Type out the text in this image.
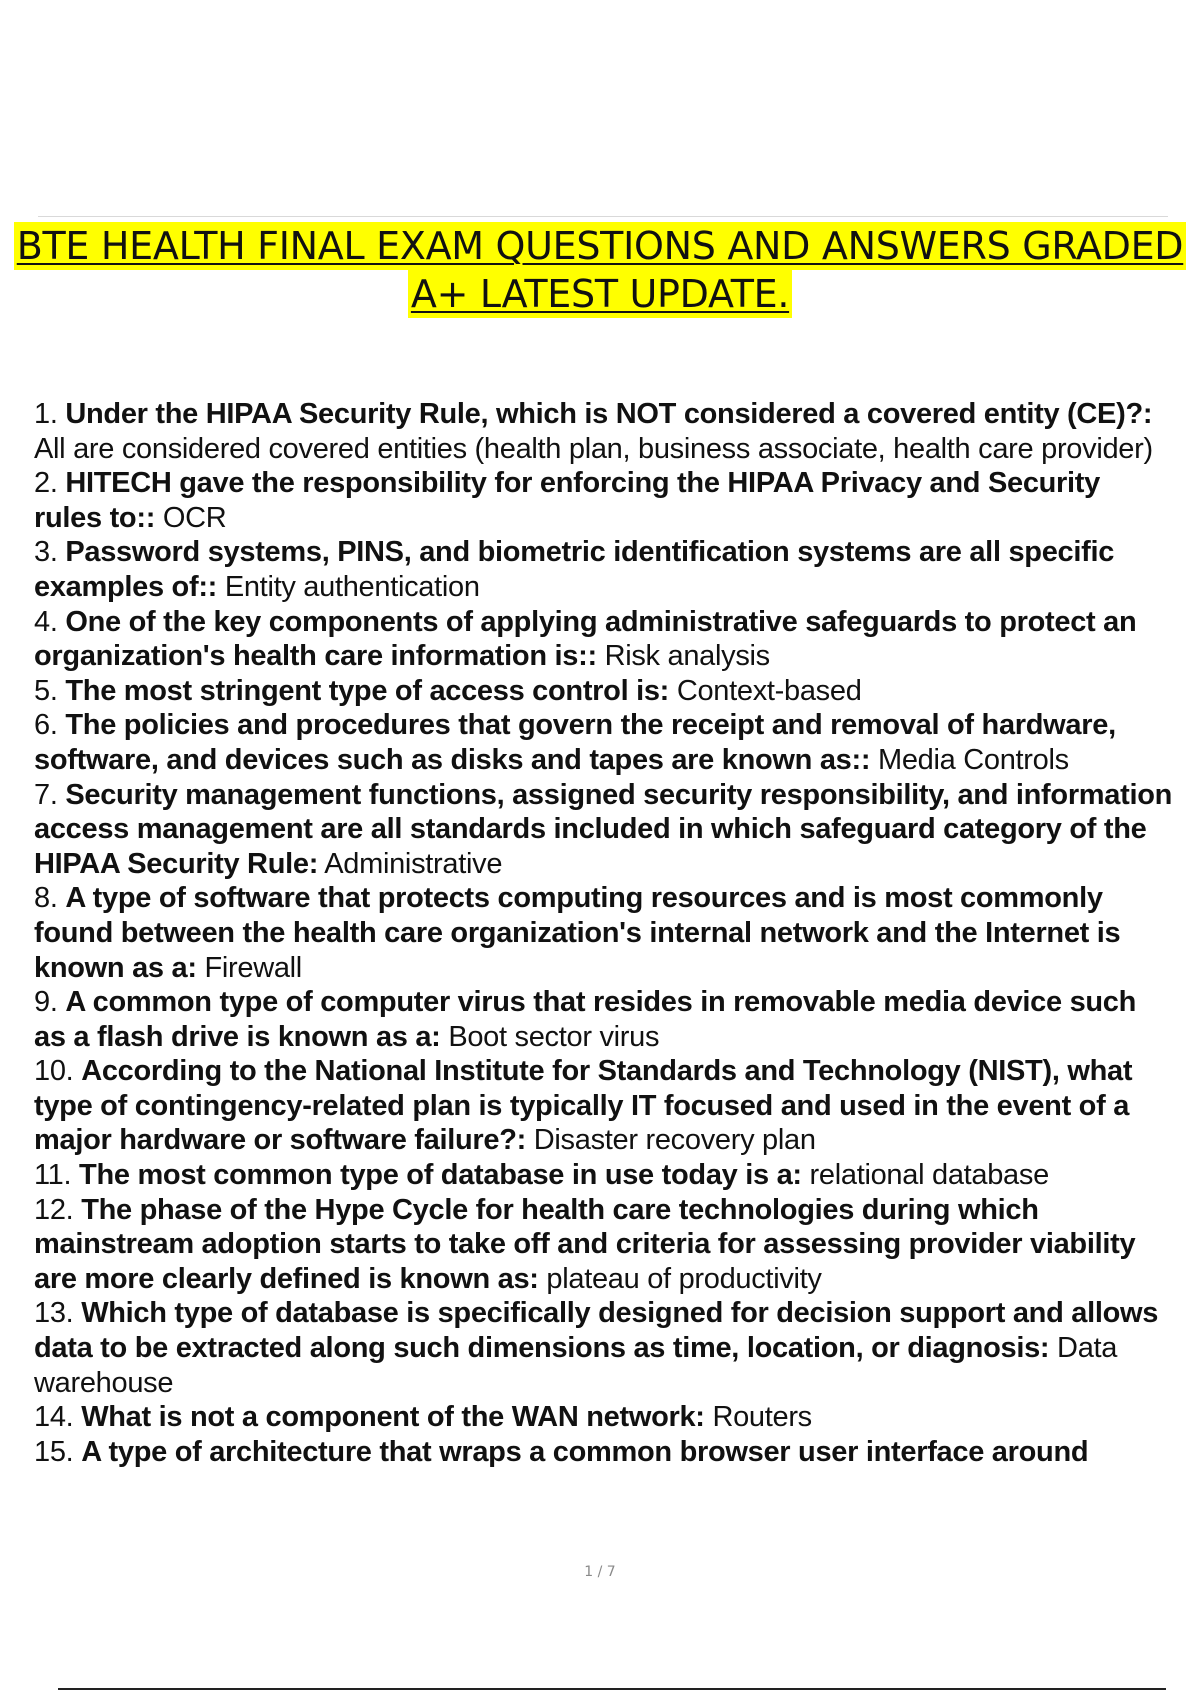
BTE HEALTH FINAL EXAM QUESTIONS AND ANSWERS GRADED
A+ LATEST UPDATE.
1. Under the HIPAA Security Rule, which is NOT considered a covered entity (CE)?: All are considered covered entities (health plan, business associate, health care provider)
2. HITECH gave the responsibility for enforcing the HIPAA Privacy and Security rules to:: OCR
3. Password systems, PINS, and biometric identification systems are all specific examples of:: Entity authentication
4. One of the key components of applying administrative safeguards to protect an organization's health care information is:: Risk analysis
5. The most stringent type of access control is: Context-based
6. The policies and procedures that govern the receipt and removal of hardware, software, and devices such as disks and tapes are known as:: Media Controls
7. Security management functions, assigned security responsibility, and information access management are all standards included in which safeguard category of the HIPAA Security Rule: Administrative
8. A type of software that protects computing resources and is most commonly found between the health care organization's internal network and the Internet is known as a: Firewall
9. A common type of computer virus that resides in removable media device such as a flash drive is known as a: Boot sector virus
10. According to the National Institute for Standards and Technology (NIST), what type of contingency-related plan is typically IT focused and used in the event of a major hardware or software failure?: Disaster recovery plan
11. The most common type of database in use today is a: relational database
12. The phase of the Hype Cycle for health care technologies during which mainstream adoption starts to take off and criteria for assessing provider viability are more clearly defined is known as: plateau of productivity
13. Which type of database is specifically designed for decision support and allows data to be extracted along such dimensions as time, location, or diagnosis: Data warehouse
14. What is not a component of the WAN network: Routers
15. A type of architecture that wraps a common browser user interface around
1 / 7
